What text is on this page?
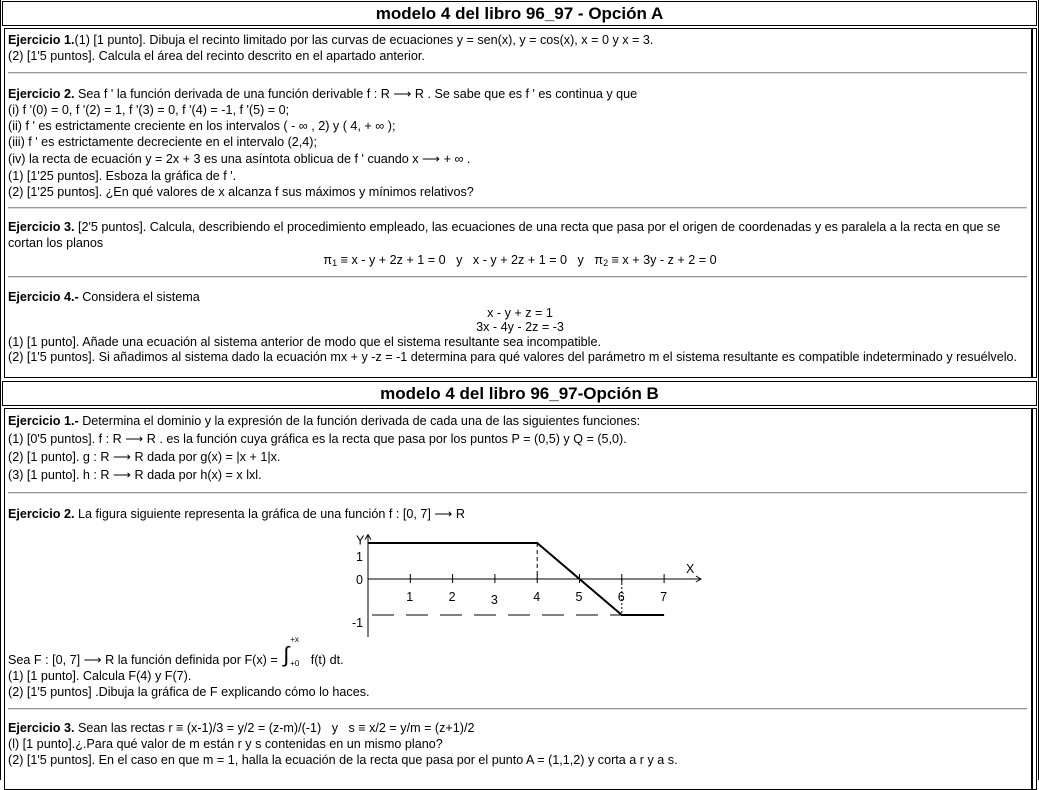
modelo 4 del libro 96_97 - Opción A
Ejercicio 1.(1) [1 punto]. Dibuja el recinto limitado por las curvas de ecuaciones y = sen(x), y = cos(x), x = 0 y x = 3.
(2) [1'5 puntos]. Calcula el área del recinto descrito en el apartado anterior.
Ejercicio 2. Sea f ' la función derivada de una función derivable f : R ⟶ R . Se sabe que es f ' es continua y que
(i) f '(0) = 0, f '(2) = 1, f '(3) = 0, f '(4) = -1, f '(5) = 0;
(ii) f ' es estrictamente creciente en los intervalos ( - ∞ , 2) y ( 4, + ∞ );
(iii) f ' es estrictamente decreciente en el intervalo (2,4);
(iv) la recta de ecuación y = 2x + 3 es una asíntota oblicua de f ' cuando x ⟶ + ∞ .
(1) [1'25 puntos]. Esboza la gráfica de f '.
(2) [1'25 puntos]. ¿En qué valores de x alcanza f sus máximos y mínimos relativos?
Ejercicio 3. [2'5 puntos]. Calcula, describiendo el procedimiento empleado, las ecuaciones de una recta que pasa por el origen de coordenadas y es paralela a la recta en que se cortan los planos
$\pi_1 \equiv x - y + 2z + 1 = 0$   y   x - y + 2z + 1 = 0   y   $\pi_2 \equiv x + 3y - z + 2 = 0$
Ejercicio 4.- Considera el sistema
x - y + z = 1
3x - 4y - 2z = -3
(1) [1 punto]. Añade una ecuación al sistema anterior de modo que el sistema resultante sea incompatible.
(2) [1'5 puntos]. Si añadimos al sistema dado la ecuación mx + y -z = -1 determina para qué valores del parámetro m el sistema resultante es compatible indeterminado y resuélvelo.
modelo 4 del libro 96_97-Opción B
Ejercicio 1.- Determina el dominio y la expresión de la función derivada de cada una de las siguientes funciones:
(1) [0'5 puntos]. f : R ⟶ R . es la función cuya gráfica es la recta que pasa por los puntos P = (0,5) y Q = (5,0).
(2) [1 punto]. g : R ⟶ R dada por g(x) = |x + 1|x.
(3) [1 punto]. h : R ⟶ R dada por h(x) = x lxl.
Ejercicio 2. La figura siguiente representa la gráfica de una función f : [0, 7] ⟶ R
Y
X
1	2	3	4	5	6	7
1
0
-1
Sea F : [0, 7] ⟶ R la función definida por F(x) = ∫
+x
+0 f(t) dt.
(1) [1 punto]. Calcula F(4) y F(7).
(2) [1'5 puntos] .Dibuja la gráfica de F explicando cómo lo haces.
Ejercicio 3. Sean las rectas r ≡ (x-1)/3 = y/2 = (z-m)/(-1)   y   s ≡ x/2 = y/m = (z+1)/2
(l) [1 punto].¿.Para qué valor de m están r y s contenidas en un mismo plano?
(2) [1'5 puntos]. En el caso en que m = 1, halla la ecuación de la recta que pasa por el punto A = (1,1,2) y corta a r y a s.
